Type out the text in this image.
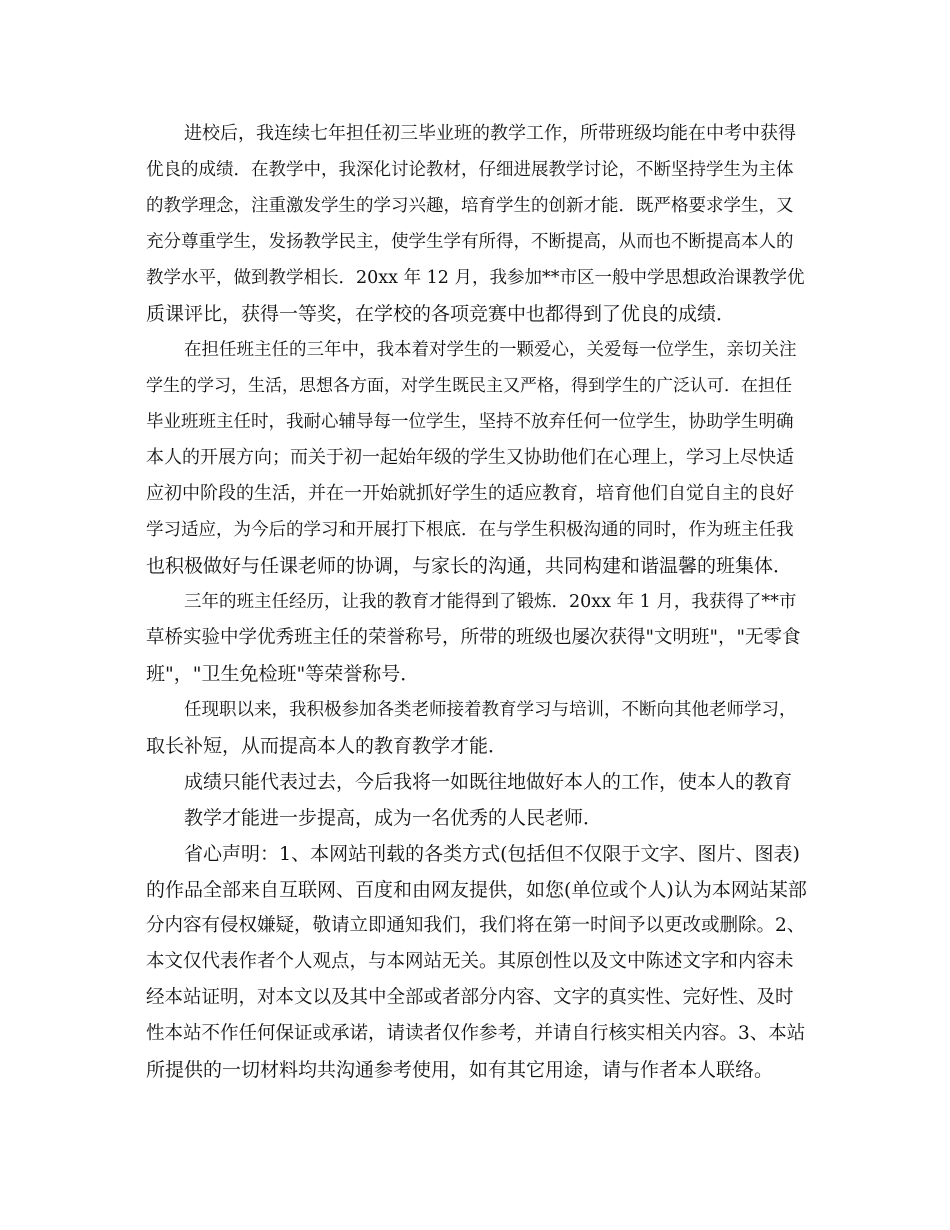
进校后，我连续七年担任初三毕业班的教学工作，所带班级均能在中考中获得
优良的成绩．在教学中，我深化讨论教材，仔细进展教学讨论，不断坚持学生为主体
的教学理念，注重激发学生的学习兴趣，培育学生的创新才能．既严格要求学生，又
充分尊重学生，发扬教学民主，使学生学有所得，不断提高，从而也不断提高本人的
教学水平，做到教学相长．20xx 年 12 月，我参加**市区一般中学思想政治课教学优
质课评比，获得一等奖，在学校的各项竞赛中也都得到了优良的成绩．
在担任班主任的三年中，我本着对学生的一颗爱心，关爱每一位学生，亲切关注
学生的学习，生活，思想各方面，对学生既民主又严格，得到学生的广泛认可．在担任
毕业班班主任时，我耐心辅导每一位学生，坚持不放弃任何一位学生，协助学生明确
本人的开展方向；而关于初一起始年级的学生又协助他们在心理上，学习上尽快适
应初中阶段的生活，并在一开始就抓好学生的适应教育，培育他们自觉自主的良好
学习适应，为今后的学习和开展打下根底．在与学生积极沟通的同时，作为班主任我
也积极做好与任课老师的协调，与家长的沟通，共同构建和谐温馨的班集体．
三年的班主任经历，让我的教育才能得到了锻炼．20xx 年 1 月，我获得了**市
草桥实验中学优秀班主任的荣誉称号，所带的班级也屡次获得"文明班"，"无零食
班"，"卫生免检班"等荣誉称号．
任现职以来，我积极参加各类老师接着教育学习与培训，不断向其他老师学习，
取长补短，从而提高本人的教育教学才能．
成绩只能代表过去，今后我将一如既往地做好本人的工作，使本人的教育
教学才能进一步提高，成为一名优秀的人民老师．
省心声明：1、本网站刊载的各类方式(包括但不仅限于文字、图片、图表)
的作品全部来自互联网、百度和由网友提供，如您(单位或个人)认为本网站某部
分内容有侵权嫌疑，敬请立即通知我们，我们将在第一时间予以更改或删除。2、
本文仅代表作者个人观点，与本网站无关。其原创性以及文中陈述文字和内容未
经本站证明，对本文以及其中全部或者部分内容、文字的真实性、完好性、及时
性本站不作任何保证或承诺，请读者仅作参考，并请自行核实相关内容。3、本站
所提供的一切材料均共沟通参考使用，如有其它用途，请与作者本人联络。
